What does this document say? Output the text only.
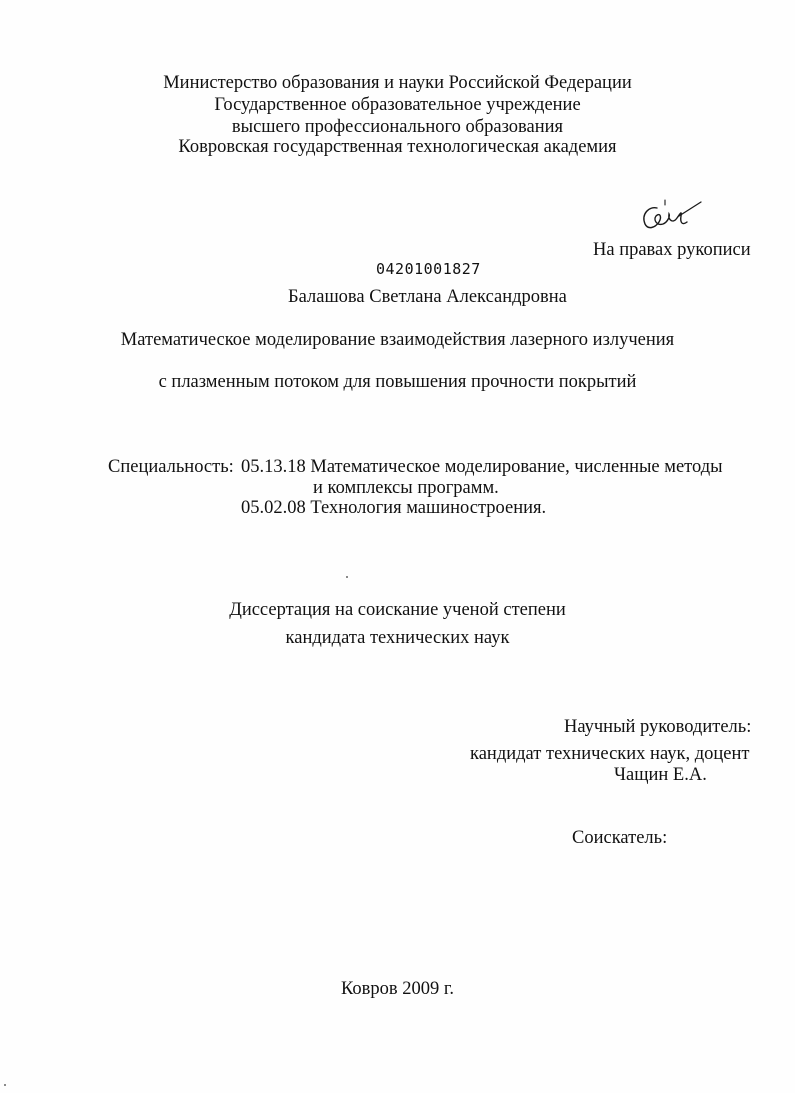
Министерство образования и науки Российской Федерации
Государственное образовательное учреждение
высшего профессионального образования
Ковровская государственная технологическая академия
На правах рукописи
04201001827
Балашова Светлана Александровна
Математическое моделирование взаимодействия лазерного излучения
с плазменным потоком для повышения прочности покрытий
Специальность: 05.13.18 Математическое моделирование, численные методы
и комплексы программ.
05.02.08 Технология машиностроения.
Диссертация на соискание ученой степени
кандидата технических наук
Научный руководитель:
кандидат технических наук, доцент
Чащин Е.А.
Соискатель:
Ковров 2009 г.
